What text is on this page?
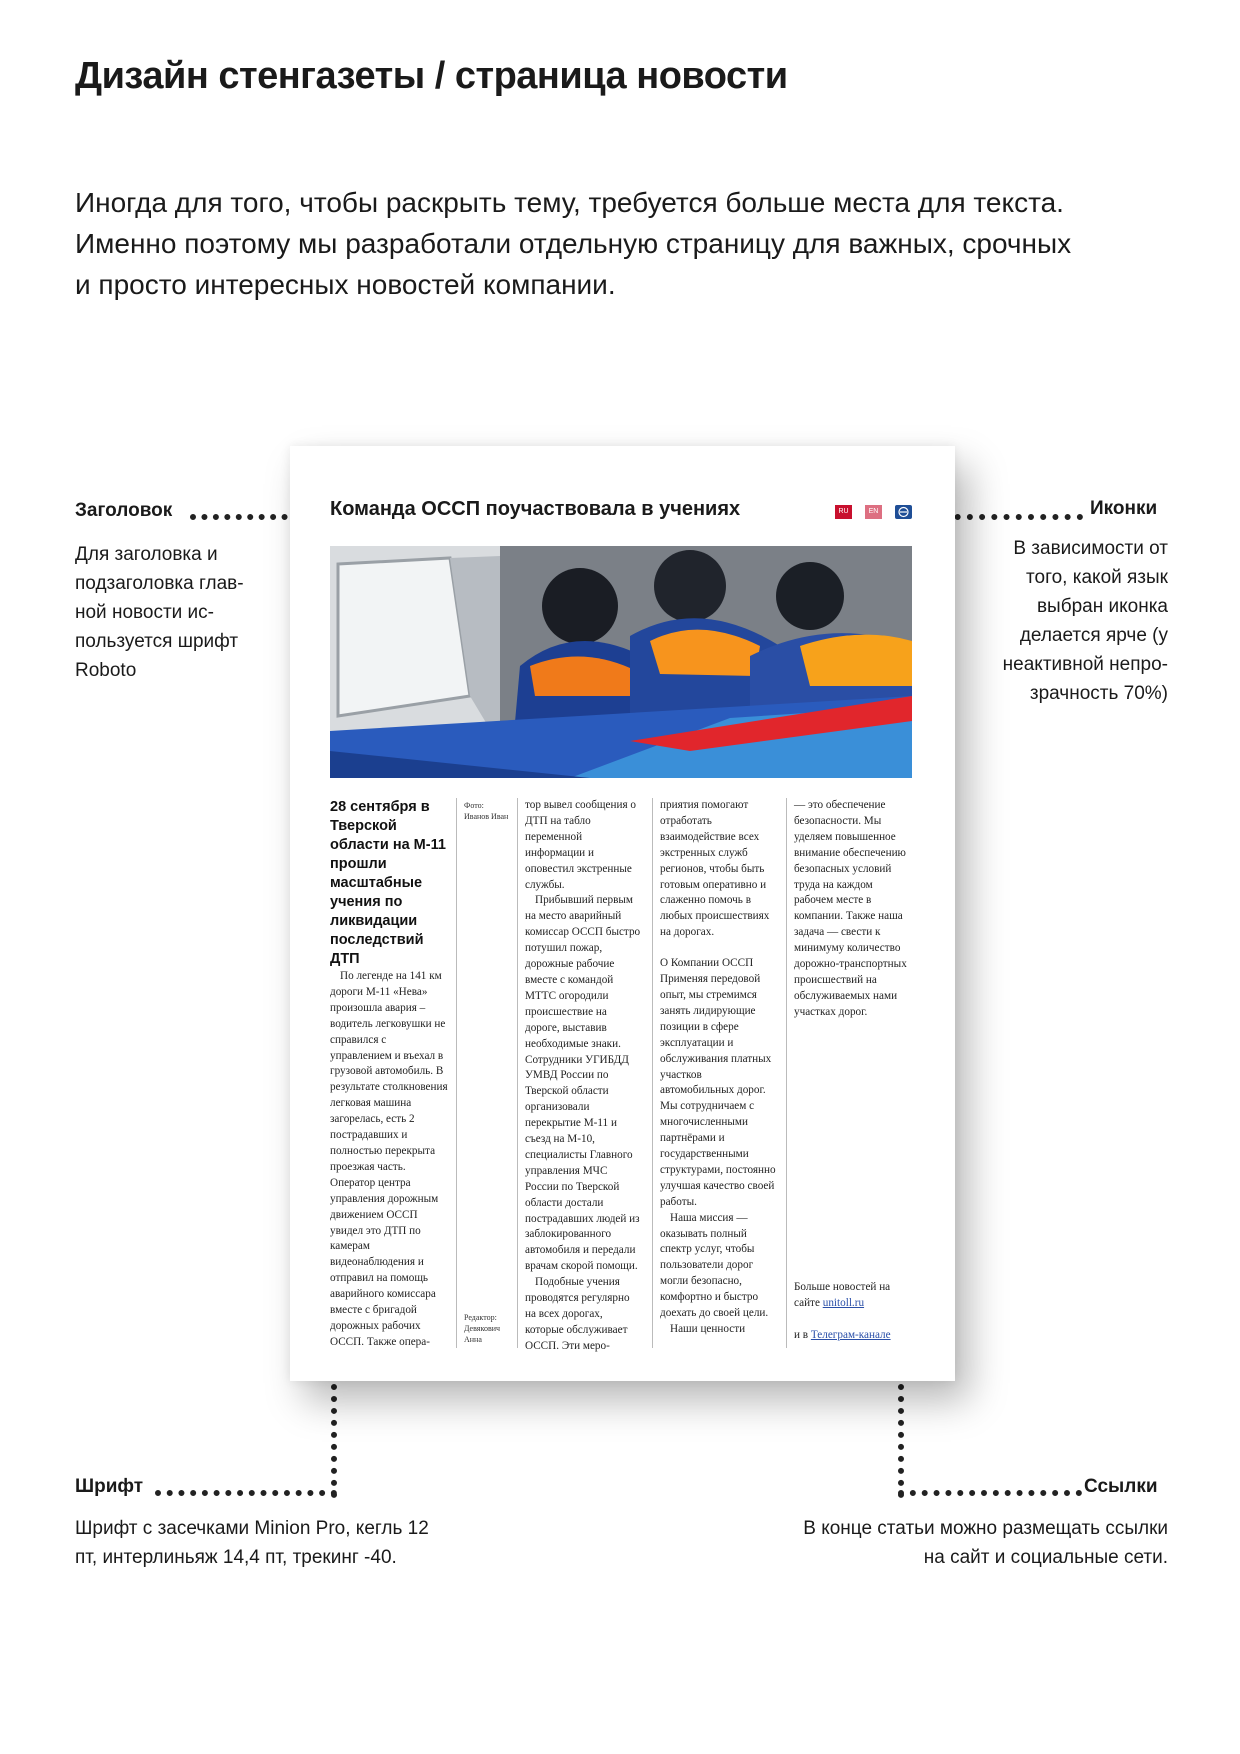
Дизайн стенгазеты / страница новости

Иногда для того, чтобы раскрыть тему, требуется больше места для текста.

Именно поэтому мы разработали отдельную страницу для важных, срочных

и просто интересных новостей компании.

Заголовок
Для заголовка и
подзаголовка глав-
ной новости ис-
пользуется шрифт
Roboto
Иконки
В зависимости от
того, какой язык
выбран иконка
делается ярче (у
неактивной непро-
зрачность 70%)
Шрифт
Шрифт с засечками Minion Pro, кегль 12
пт, интерлиньяж 14,4 пт, трекинг -40.
Ссылки
В конце статьи можно размещать ссылки
на сайт и социальные сети.
Команда ОССП поучаствовала в учениях	RU	EN

28 сентября в Тверской области на М-11 прошли масштабные учения по ликвидации последствий ДТП

По легенде на 141 км дороги М-11 «Нева» произошла авария – водитель легковушки не справился с управлением и въехал в грузовой автомобиль. В результате столкновения легковая машина загорелась, есть 2 пострадавших и полностью перекрыта проезжая часть. Оператор центра управления дорожным движением ОССП увидел это ДТП по камерам видеонаблюдения и отправил на помощь аварийного комиссара вместе с бригадой дорожных рабочих ОССП. Также опера-

Фото:
Иванов Иван
Редактор:
Девякович
Анна

тор вывел сообщения о ДТП на табло переменной информации и оповестил экстренные службы.

Прибывший первым на место аварийный комиссар ОССП быстро потушил пожар, дорожные рабочие вместе с командой МТТС огородили происшествие на дороге, выставив необходимые знаки. Сотрудники УГИБДД УМВД России по Тверской области организовали перекрытие М-11 и съезд на М-10, специалисты Главного управления МЧС России по Тверской области достали пострадавших людей из заблокированного автомобиля и передали врачам скорой помощи.

Подобные учения проводятся регулярно на всех дорогах, которые обслуживает ОССП. Эти меро-

приятия помогают отработать взаимодействие всех экстренных служб регионов, чтобы быть готовым оперативно и слаженно помочь в любых происшествиях на дорогах.

О Компании ОССП Применяя передовой опыт, мы стремимся занять лидирующие позиции в сфере эксплуатации и обслуживания платных участков автомобильных дорог. Мы сотрудничаем с многочисленными партнёрами и государственными структурами, постоянно улучшая качество своей работы.

Наша миссия — оказывать полный спектр услуг, чтобы пользователи дорог могли безопасно, комфортно и быстро доехать до своей цели.

Наши ценности

— это обеспечение безопасности. Мы уделяем повышенное внимание обеспечению безопасных условий труда на каждом рабочем месте в компании. Также наша задача — свести к минимуму количество дорожно-транспортных происшествий на обслуживаемых нами участках дорог.

Больше новостей на сайте unitoll.ru

и в Телеграм-канале
